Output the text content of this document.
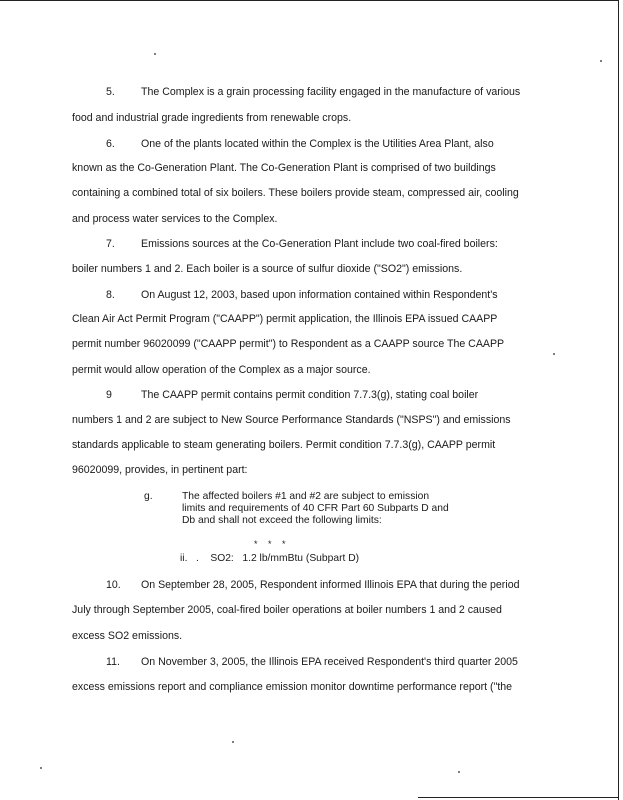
5. The Complex is a grain processing facility engaged in the manufacture of various
food and industrial grade ingredients from renewable crops.
6. One of the plants located within the Complex is the Utilities Area Plant, also
known as the Co-Generation Plant. The Co-Generation Plant is comprised of two buildings
containing a combined total of six boilers. These boilers provide steam, compressed air, cooling
and process water services to the Complex.
7. Emissions sources at the Co-Generation Plant include two coal-fired boilers:
boiler numbers 1 and 2. Each boiler is a source of sulfur dioxide ("SO2") emissions.
8. On August 12, 2003, based upon information contained within Respondent's
Clean Air Act Permit Program ("CAAPP") permit application, the Illinois EPA issued CAAPP
permit number 96020099 ("CAAPP permit") to Respondent as a CAAPP source The CAAPP
permit would allow operation of the Complex as a major source.
9	The CAAPP permit contains permit condition 7.7.3(g), stating coal boiler
numbers 1 and 2 are subject to New Source Performance Standards ("NSPS") and emissions
standards applicable to steam generating boilers. Permit condition 7.7.3(g), CAAPP permit
96020099, provides, in pertinent part:
g.	The affected boilers #1 and #2 are subject to emission
limits and requirements of 40 CFR Part 60 Subparts D and
Db and shall not exceed the following limits:
* * *
ii.   .    SO2:   1.2 lb/mmBtu (Subpart D)
10. On September 28, 2005, Respondent informed Illinois EPA that during the period
July through September 2005, coal-fired boiler operations at boiler numbers 1 and 2 caused
excess SO2 emissions.
11. On November 3, 2005, the Illinois EPA received Respondent's third quarter 2005
excess emissions report and compliance emission monitor downtime performance report ("the
